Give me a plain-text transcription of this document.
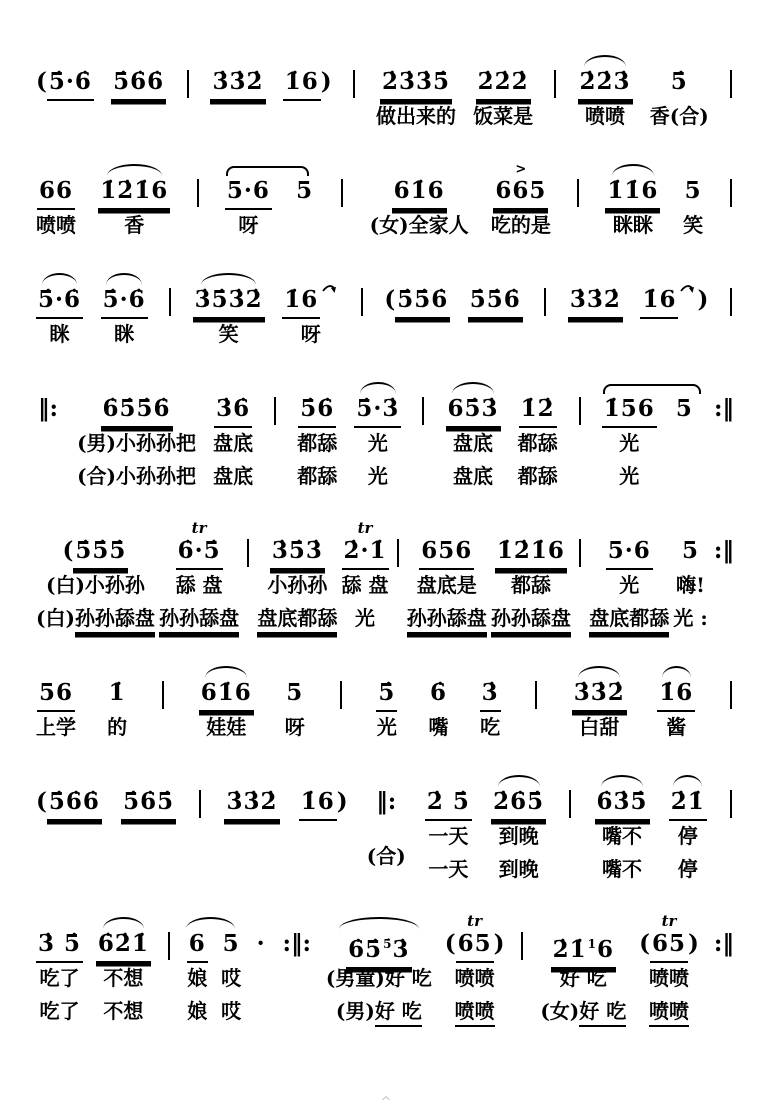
( 5̇·6̇ 5̇6̇6̇ 3̇3̇2̇ 1̇6 ) 2̇3̇3̇5̇
做出来的
2̇2̇2̇
饭菜是
2̇2̇3̇
喷喷
5̇
香(合)
66
喷喷
1̇2̇1̇6
香
5·6
呀
5	61̇6
(女)全家人
>
665
吃的是
1̇1̇6
眯眯
5
笑
5̇·6̇
眯
5̇·6̇
眯
3̇5̇3̇2̇
笑
1̇6
呀
( 5̇5̇6̇ 5̇5̇6̇ 3̇3̇2̇ 1̇6 )
‖: 6̇5̇5̇6̇
(男)小孙孙把
(合)小孙孙把
3̇6̇
盘底
盘底
5̇6̇
都舔
都舔
5̇·3̇
光
光
65̇3̇
盘底
盘底
1̇2̇
都舔
都舔
1̇56
光
光
5 :‖
( 5̇5̇5̇
(白)小孙孙
(白)孙孙舔盘
tr
6̇·5̇
舔 盘
孙孙舔盘
3̇5̇3̇
小孙孙
盘底都舔
tr
2̇·1̇
舔 盘
光
656
盘底是
孙孙舔盘
1̇2̇1̇6
都舔
孙孙舔盘
5·6
光
盘底都舔
5
嗨!
光 :
:‖
56
上学
1̇
的
61̇6
娃娃
5
呀
5̇
光
6̇
嘴
3̇
吃
3̇3̇2̇
白甜
1̇6
酱
( 5̇6̇6̇ 5̇6̇5̇ 3̇3̇2̇ 1̇6 ) ‖:
(合)
2̇ 5̇
一天
一天
2̇6̇5̇
到晚
到晚
6̇3̇5̇
嘴不
嘴不
2̇1̇
停
停
3̇ 5̇
吃了
吃了
6̇2̇1̇
不想
不想
6
娘
娘
5
哎
哎
· :‖: 6̇5̇$^{5̇}$3̇
(男童)好 吃
(男)好 吃
tr
( 65 )
喷喷
喷喷
2̇1̇$^1$6
好 吃
(女)好 吃
tr
( 65 )
喷喷
喷喷
:‖
^
